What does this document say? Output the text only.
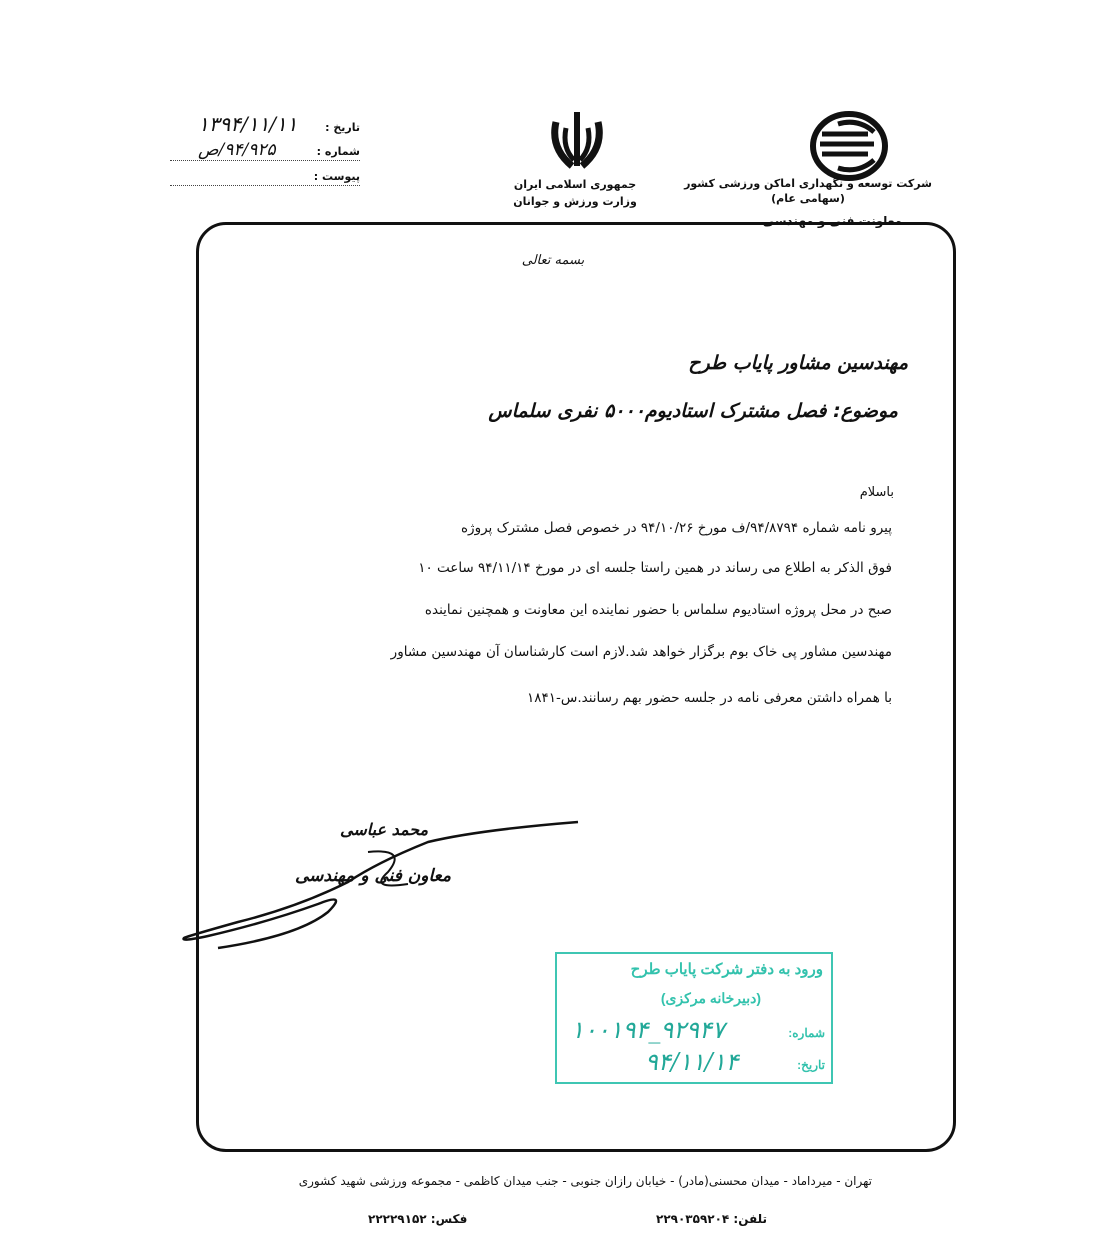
شرکت توسعه و نگهداری اماکن ورزشی کشور
(سهامی عام)
معاونت فنی و مهندسی
جمهوری اسلامی ایران
وزارت ورزش و جوانان
تاریخ :
۱۳۹۴/۱۱/۱۱
شماره :
۹۴/۹۲۵/ص
پیوست :
بسمه تعالی
مهندسین مشاور پایاب طرح
موضوع: فصل مشترک استادیوم۵۰۰۰ نفری سلماس
باسلام
پیرو نامه شماره ۹۴/۸۷۹۴/ف مورخ ۹۴/۱۰/۲۶ در خصوص فصل مشترک پروژه
فوق الذکر به اطلاع می رساند در همین راستا جلسه ای در مورخ ۹۴/۱۱/۱۴ ساعت ۱۰
صبح در محل پروژه استادیوم سلماس با حضور نماینده این معاونت و همچنین نماینده
مهندسین مشاور پی خاک بوم برگزار خواهد شد.لازم است کارشناسان آن مهندسین مشاور
با همراه داشتن معرفی نامه در جلسه حضور بهم رسانند.س-۱۸۴۱
محمد عباسی
معاون فنی و مهندسی
ورود به دفتر شرکت پایاب طرح
(دبیرخانه مرکزی)
شماره:
۱۰۰۱۹۴_۹۲۹۴۷
تاریخ:
۹۴/۱۱/۱۴
تهران - میرداماد - میدان محسنی(مادر) - خیابان رازان جنوبی - جنب میدان کاظمی - مجموعه ورزشی شهید کشوری
تلفن: ۲۲۹۰۳۵۹۲۰۴
فکس: ۲۲۲۲۹۱۵۲
